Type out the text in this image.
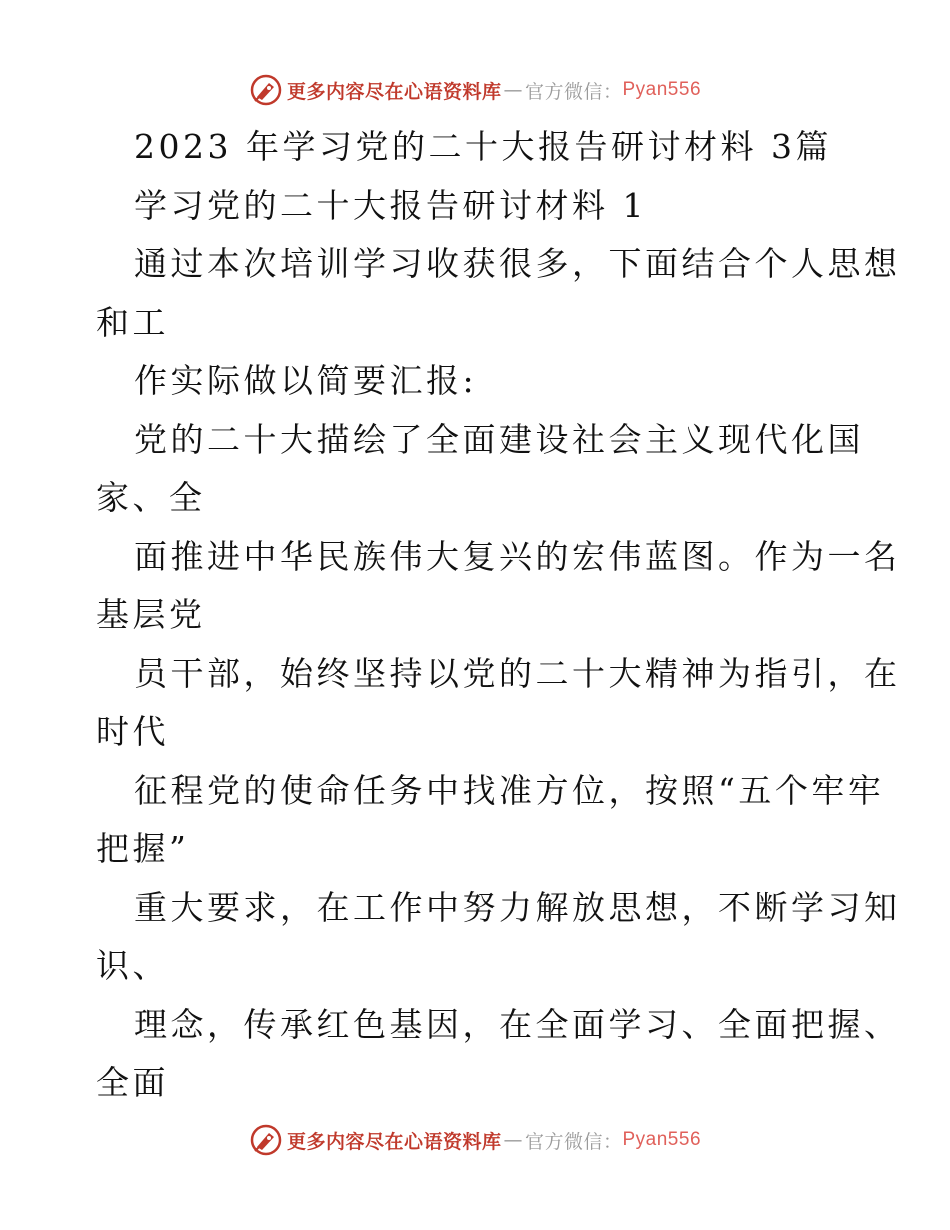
更多内容尽在心语资料库 — 官方微信： Pyan556
2023 年学习党的二十大报告研讨材料 3篇
学习党的二十大报告研讨材料 1
通过本次培训学习收获很多，下面结合个人思想
和工
作实际做以简要汇报:
党的二十大描绘了全面建设社会主义现代化国
家、全
面推进中华民族伟大复兴的宏伟蓝图。作为一名
基层党
员干部，始终坚持以党的二十大精神为指引，在
时代
征程党的使命任务中找准方位，按照“五个牢牢
把握”
重大要求，在工作中努力解放思想，不断学习知
识、
理念，传承红色基因，在全面学习、全面把握、
全面
更多内容尽在心语资料库 — 官方微信： Pyan556
